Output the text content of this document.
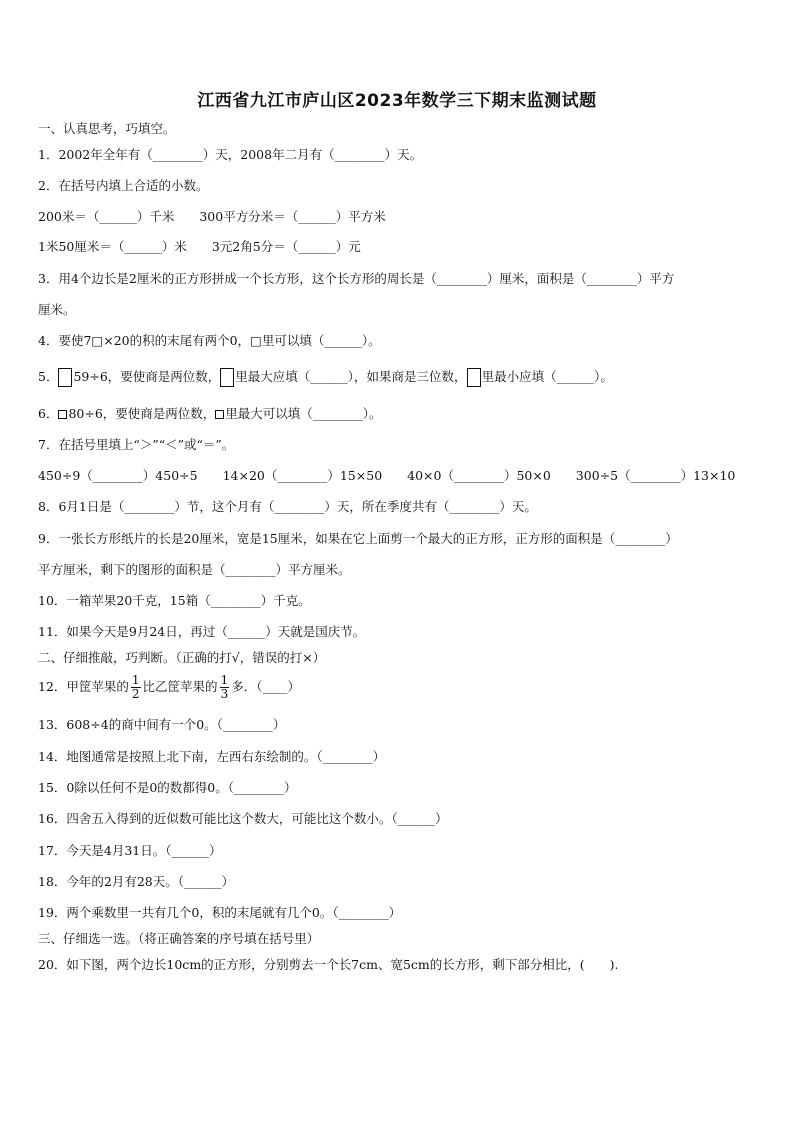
江西省九江市庐山区2023年数学三下期末监测试题
一、认真思考，巧填空。
1．2002年全年有（________）天，2008年二月有（________）天。
2．在括号内填上合适的小数。
200米＝（______）千米　　300平方分米＝（______）平方米
1米50厘米＝（______）米　　3元2角5分＝（______）元
3．用4个边长是2厘米的正方形拼成一个长方形，这个长方形的周长是（________）厘米，面积是（________）平方
厘米。
4．要使7□×20的积的末尾有两个0，□里可以填（______）。
5． 59÷6，要使商是两位数， 里最大应填（______），如果商是三位数， 里最小应填（______）。
6． 80÷6，要使商是两位数， 里最大可以填（________）。
7．在括号里填上“＞”“＜”或“＝”。
450÷9（________）450÷5　　14×20（________）15×50　　40×0（________）50×0　　300÷5（________）13×10
8．6月1日是（________）节，这个月有（________）天，所在季度共有（________）天。
9．一张长方形纸片的长是20厘米，宽是15厘米，如果在它上面剪一个最大的正方形，正方形的面积是（________）
平方厘米，剩下的图形的面积是（________）平方厘米。
10．一箱苹果20千克，15箱（________）千克。
11．如果今天是9月24日，再过（______）天就是国庆节。
二、仔细推敲，巧判断。（正确的打√，错误的打×）
12．甲筐苹果的 $\frac{1}{2}$ 比乙筐苹果的 $\frac{1}{3}$ 多．（____）
13．608÷4的商中间有一个0。（________）
14．地图通常是按照上北下南，左西右东绘制的。（________）
15．0除以任何不是0的数都得0。（________）
16．四舍五入得到的近似数可能比这个数大，可能比这个数小。（______）
17．今天是4月31日。（______）
18．今年的2月有28天。（______）
19．两个乘数里一共有几个0，积的末尾就有几个0。（________）
三、仔细选一选。（将正确答案的序号填在括号里）
20．如下图，两个边长10cm的正方形，分别剪去一个长7cm、宽5cm的长方形，剩下部分相比，(　　).
